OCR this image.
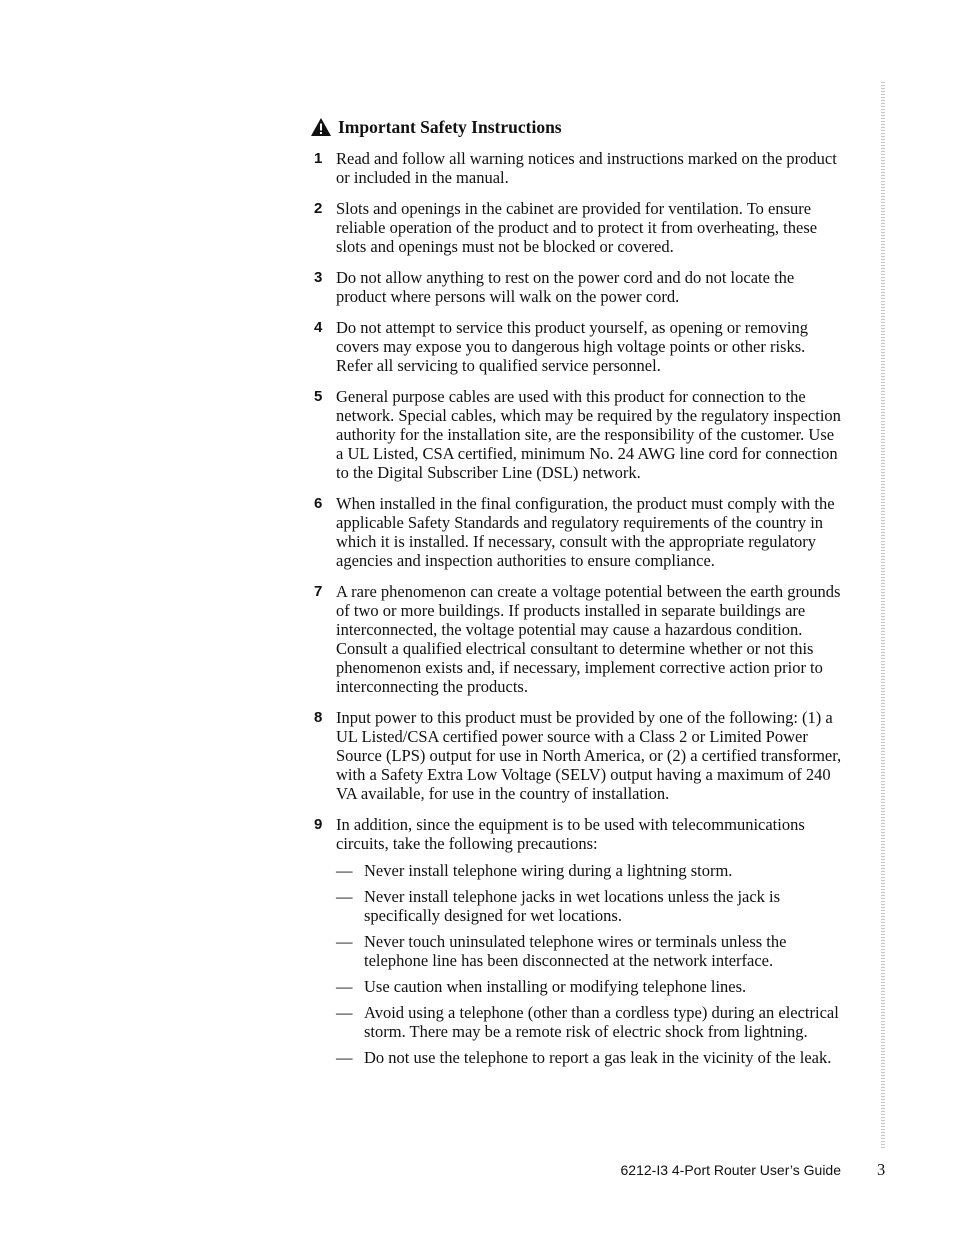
Important Safety Instructions
1 Read and follow all warning notices and instructions marked on the product or included in the manual.
2 Slots and openings in the cabinet are provided for ventilation. To ensure reliable operation of the product and to protect it from overheating, these slots and openings must not be blocked or covered.
3 Do not allow anything to rest on the power cord and do not locate the product where persons will walk on the power cord.
4 Do not attempt to service this product yourself, as opening or removing covers may expose you to dangerous high voltage points or other risks. Refer all servicing to qualified service personnel.
5 General purpose cables are used with this product for connection to the network. Special cables, which may be required by the regulatory inspection authority for the installation site, are the responsibility of the customer. Use a UL Listed, CSA certified, minimum No. 24 AWG line cord for connection to the Digital Subscriber Line (DSL) network.
6 When installed in the final configuration, the product must comply with the applicable Safety Standards and regulatory requirements of the country in which it is installed. If necessary, consult with the appropriate regulatory agencies and inspection authorities to ensure compliance.
7 A rare phenomenon can create a voltage potential between the earth grounds of two or more buildings. If products installed in separate buildings are interconnected, the voltage potential may cause a hazardous condition. Consult a qualified electrical consultant to determine whether or not this phenomenon exists and, if necessary, implement corrective action prior to interconnecting the products.
8 Input power to this product must be provided by one of the following: (1) a UL Listed/CSA certified power source with a Class 2 or Limited Power Source (LPS) output for use in North America, or (2) a certified transformer, with a Safety Extra Low Voltage (SELV) output having a maximum of 240 VA available, for use in the country of installation.
9 In addition, since the equipment is to be used with telecommunications circuits, take the following precautions:
— Never install telephone wiring during a lightning storm.
— Never install telephone jacks in wet locations unless the jack is specifically designed for wet locations.
— Never touch uninsulated telephone wires or terminals unless the telephone line has been disconnected at the network interface.
— Use caution when installing or modifying telephone lines.
— Avoid using a telephone (other than a cordless type) during an electrical storm. There may be a remote risk of electric shock from lightning.
— Do not use the telephone to report a gas leak in the vicinity of the leak.
6212-I3 4-Port Router User’s Guide 3
